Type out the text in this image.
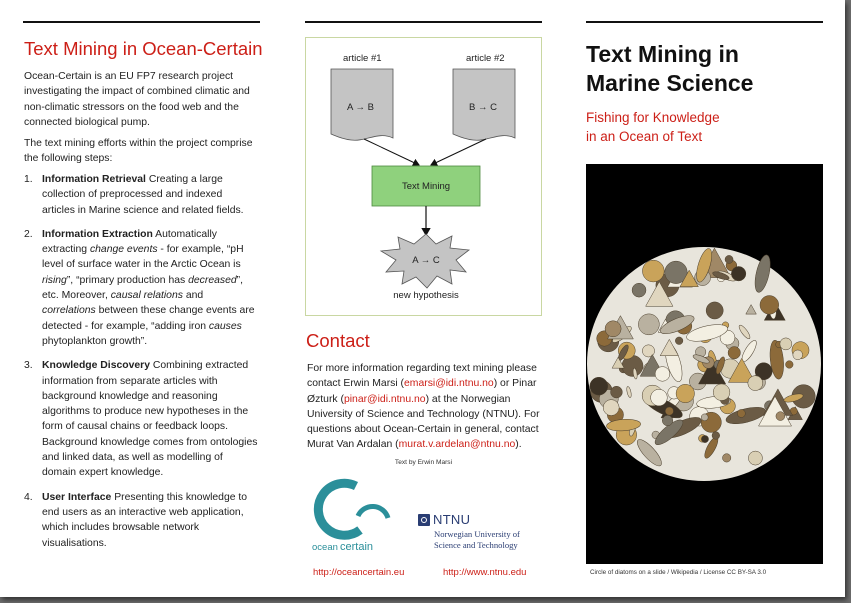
Text Mining in Ocean-Certain
Ocean-Certain is an EU FP7 research project investigating the impact of combined climatic and non-climatic stressors on the food web and the connected biological pump.
The text mining efforts within the project comprise the following steps:
1. Information Retrieval Creating a large collection of preprocessed and indexed articles in Marine science and related fields.
2. Information Extraction Automatically extracting change events - for example, “pH level of surface water in the Arctic Ocean is rising”, “primary production has decreased”, etc. Moreover, causal relations and correlations between these change events are detected - for example, “adding iron causes phytoplankton growth”.
3. Knowledge Discovery Combining extracted information from separate articles with background knowledge and reasoning algorithms to produce new hypotheses in the form of causal chains or feedback loops. Background knowledge comes from ontologies and linked data, as well as modelling of domain expert knowledge.
4. User Interface Presenting this knowledge to end users as an interactive web application, which includes browsable network visualisations.
article #1	article #2
A → B	B → C
Text Mining
A → C
new hypothesis
Contact
For more information regarding text mining please contact Erwin Marsi (emarsi@idi.ntnu.no) or Pinar Øzturk (pinar@idi.ntnu.no) at the Norwegian University of Science and Technology (NTNU). For questions about Ocean-Certain in general, contact Murat Van Ardalan (murat.v.ardelan@ntnu.no).
Text by Erwin Marsi
ocean certain
NTNU
Norwegian University of
Science and Technology
http://oceancertain.eu	http://www.ntnu.edu
Text Mining in
Marine Science
Fishing for Knowledge
in an Ocean of Text
Circle of diatoms on a slide / Wikipedia / License CC BY-SA 3.0
